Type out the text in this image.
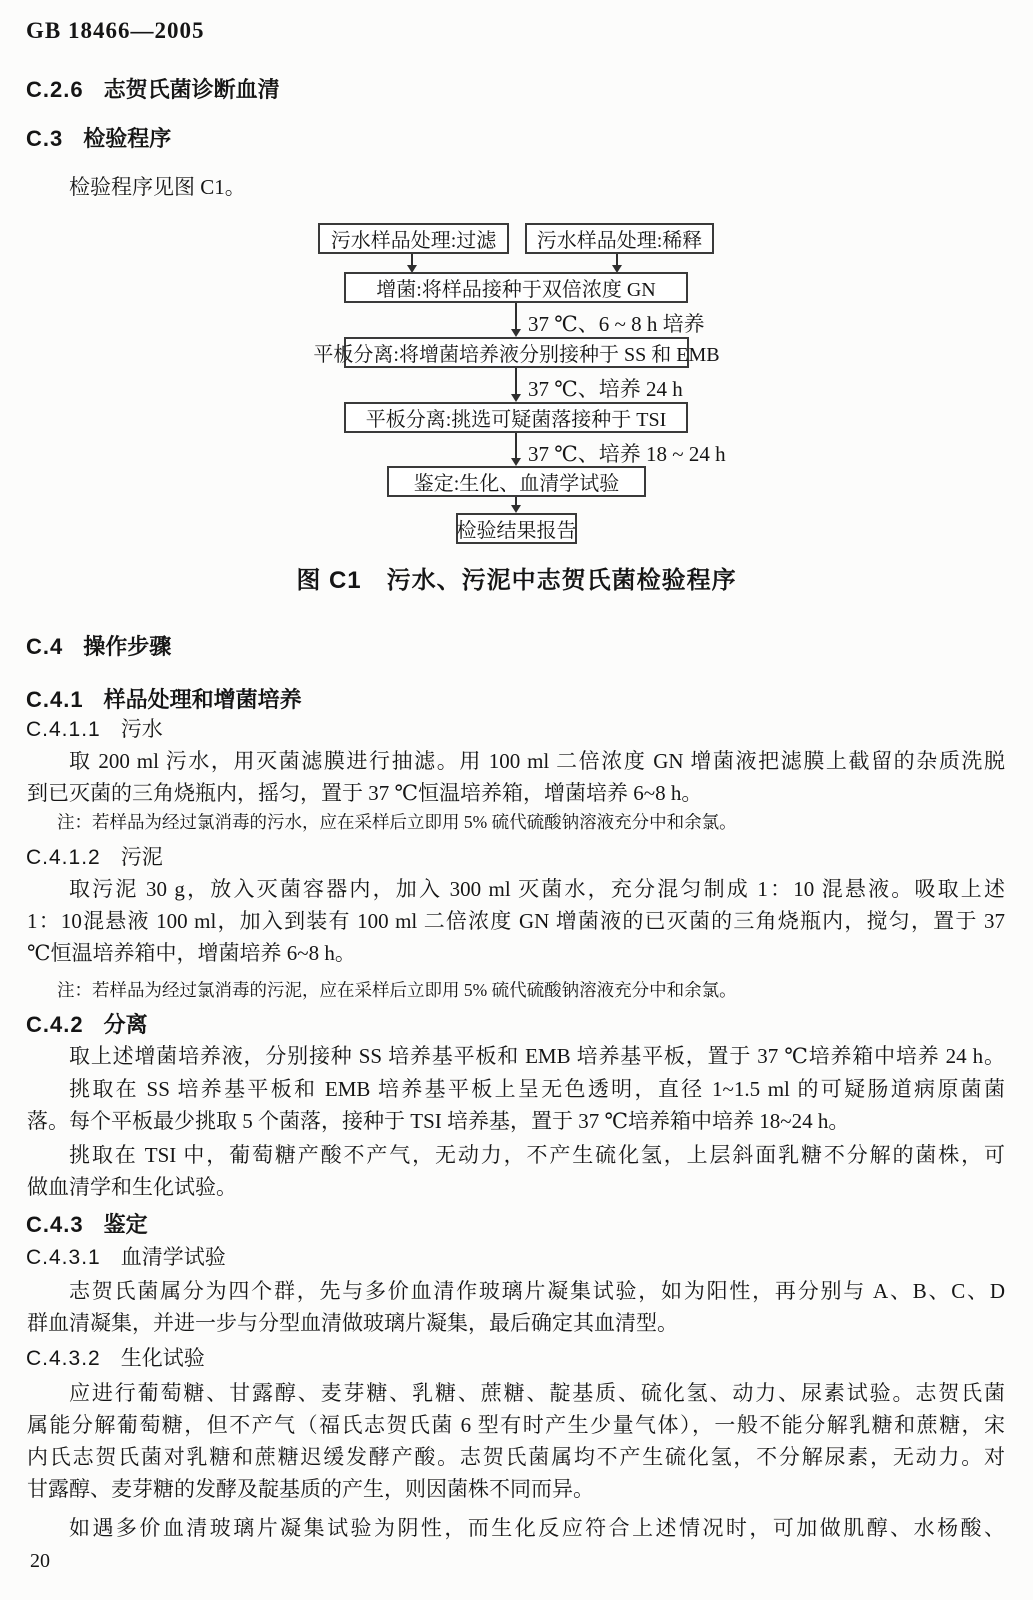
GB 18466—2005
C.2.6 志贺氏菌诊断血清
C.3 检验程序
检验程序见图 C1。
污水样品处理:过滤	污水样品处理:稀释
增菌:将样品接种于双倍浓度 GN
37 ℃、6 ~ 8 h 培养
平板分离:将增菌培养液分别接种于 SS 和 EMB
37 ℃、培养 24 h
平板分离:挑选可疑菌落接种于 TSI
37 ℃、培养 18 ~ 24 h
鉴定:生化、血清学试验
检验结果报告
图 C1　污水、污泥中志贺氏菌检验程序
C.4 操作步骤
C.4.1 样品处理和增菌培养
C.4.1.1 污水
取 200 ml 污水，用灭菌滤膜进行抽滤。用 100 ml 二倍浓度 GN 增菌液把滤膜上截留的杂质洗脱
到已灭菌的三角烧瓶内，摇匀，置于 37 ℃恒温培养箱，增菌培养 6~8 h。
注：若样品为经过氯消毒的污水，应在采样后立即用 5% 硫代硫酸钠溶液充分中和余氯。
C.4.1.2 污泥
取污泥 30 g，放入灭菌容器内，加入 300 ml 灭菌水，充分混匀制成 1：10 混悬液。吸取上述
1：10混悬液 100 ml，加入到装有 100 ml 二倍浓度 GN 增菌液的已灭菌的三角烧瓶内，搅匀，置于 37
℃恒温培养箱中，增菌培养 6~8 h。
注：若样品为经过氯消毒的污泥，应在采样后立即用 5% 硫代硫酸钠溶液充分中和余氯。
C.4.2 分离
取上述增菌培养液，分别接种 SS 培养基平板和 EMB 培养基平板，置于 37 ℃培养箱中培养 24 h。
挑取在 SS 培养基平板和 EMB 培养基平板上呈无色透明，直径 1~1.5 ml 的可疑肠道病原菌菌
落。每个平板最少挑取 5 个菌落，接种于 TSI 培养基，置于 37 ℃培养箱中培养 18~24 h。
挑取在 TSI 中，葡萄糖产酸不产气，无动力，不产生硫化氢，上层斜面乳糖不分解的菌株，可
做血清学和生化试验。
C.4.3 鉴定
C.4.3.1 血清学试验
志贺氏菌属分为四个群，先与多价血清作玻璃片凝集试验，如为阳性，再分别与 A、B、C、D
群血清凝集，并进一步与分型血清做玻璃片凝集，最后确定其血清型。
C.4.3.2 生化试验
应进行葡萄糖、甘露醇、麦芽糖、乳糖、蔗糖、靛基质、硫化氢、动力、尿素试验。志贺氏菌
属能分解葡萄糖，但不产气（福氏志贺氏菌 6 型有时产生少量气体），一般不能分解乳糖和蔗糖，宋
内氏志贺氏菌对乳糖和蔗糖迟缓发酵产酸。志贺氏菌属均不产生硫化氢，不分解尿素，无动力。对
甘露醇、麦芽糖的发酵及靛基质的产生，则因菌株不同而异。
如遇多价血清玻璃片凝集试验为阴性，而生化反应符合上述情况时，可加做肌醇、水杨酸、
20
